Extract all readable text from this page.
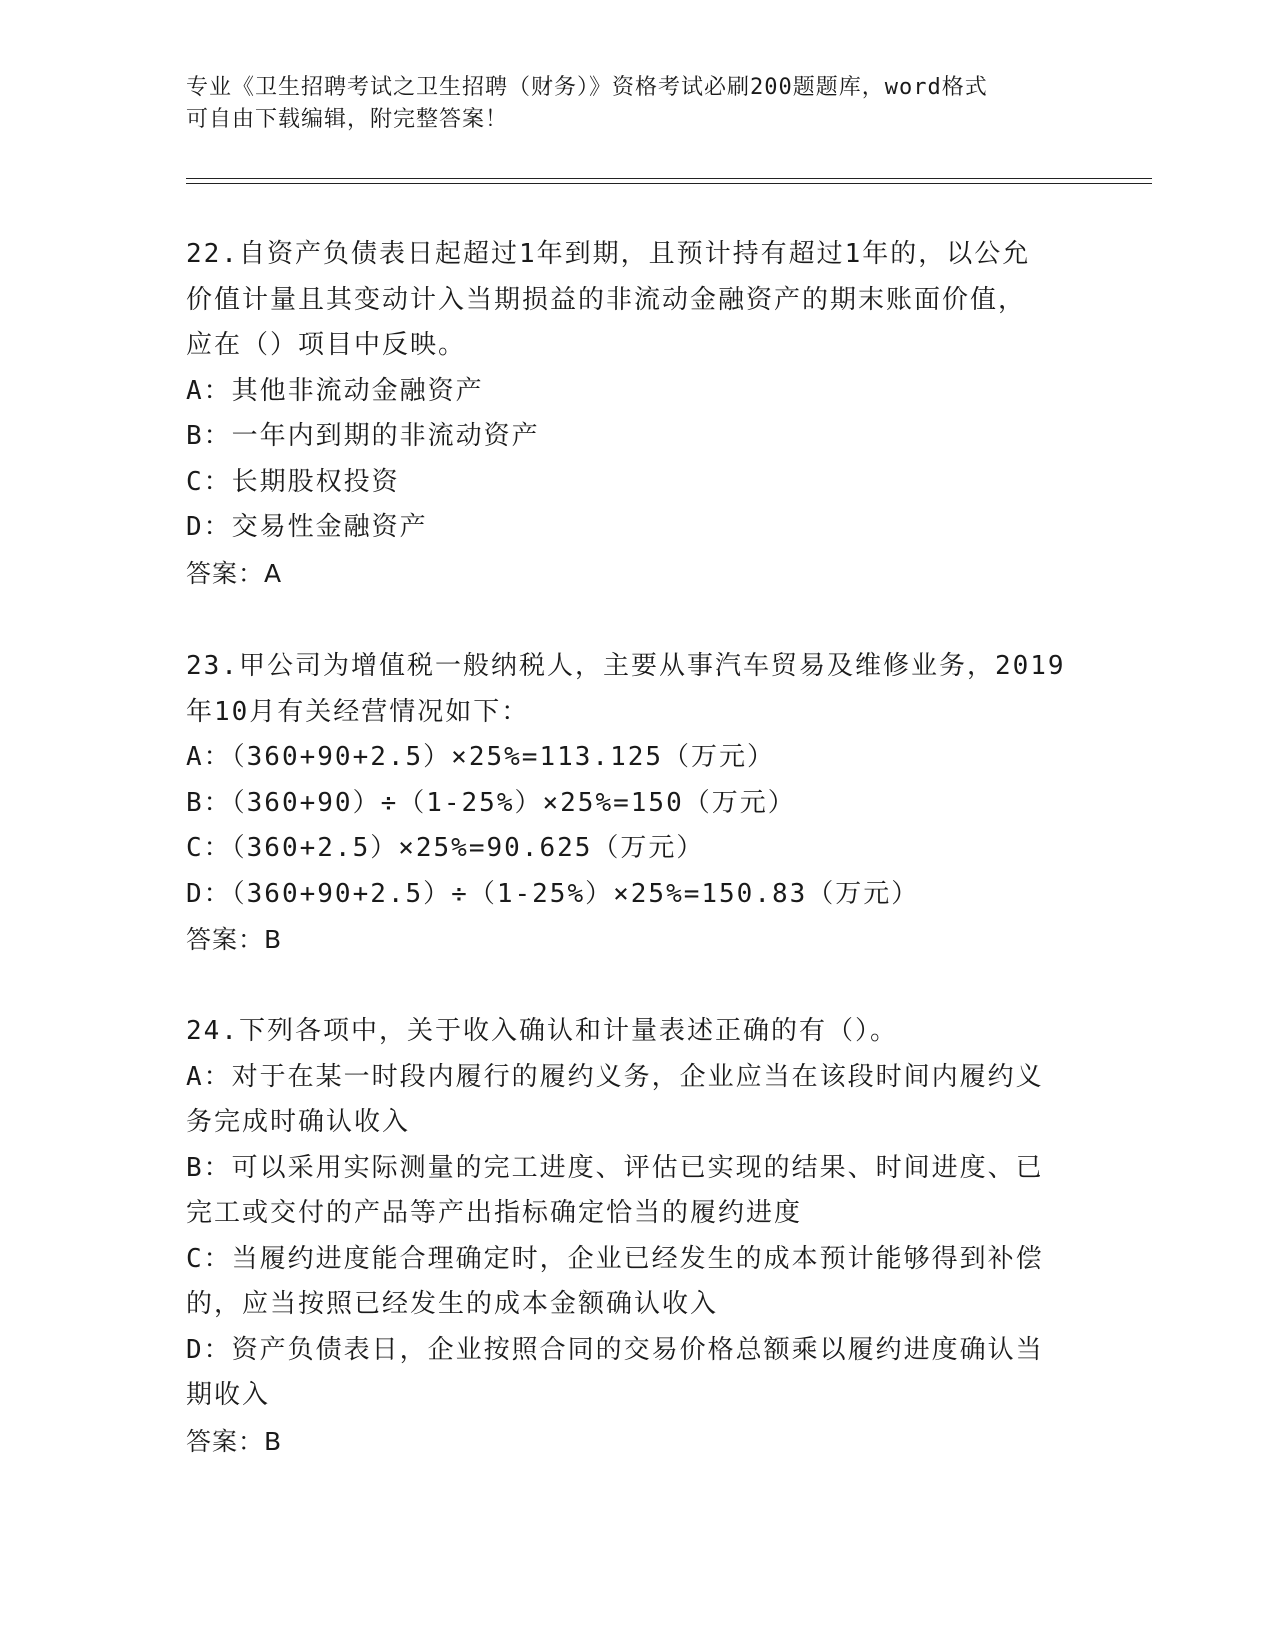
专业《卫生招聘考试之卫生招聘（财务）》资格考试必刷200题题库，word格式
可自由下载编辑，附完整答案！
22.自资产负债表日起超过1年到期，且预计持有超过1年的，以公允
价值计量且其变动计入当期损益的非流动金融资产的期末账面价值，
应在（）项目中反映。
A：其他非流动金融资产
B：一年内到期的非流动资产
C：长期股权投资
D：交易性金融资产
答案：A
23.甲公司为增值税一般纳税人，主要从事汽车贸易及维修业务，2019
年10月有关经营情况如下：
A：（360+90+2.5）×25%=113.125（万元）
B：（360+90）÷（1-25%）×25%=150（万元）
C：（360+2.5）×25%=90.625（万元）
D：（360+90+2.5）÷（1-25%）×25%=150.83（万元）
答案：B
24.下列各项中，关于收入确认和计量表述正确的有（）。
A：对于在某一时段内履行的履约义务，企业应当在该段时间内履约义
务完成时确认收入
B：可以采用实际测量的完工进度、评估已实现的结果、时间进度、已
完工或交付的产品等产出指标确定恰当的履约进度
C：当履约进度能合理确定时，企业已经发生的成本预计能够得到补偿
的，应当按照已经发生的成本金额确认收入
D：资产负债表日，企业按照合同的交易价格总额乘以履约进度确认当
期收入
答案：B
